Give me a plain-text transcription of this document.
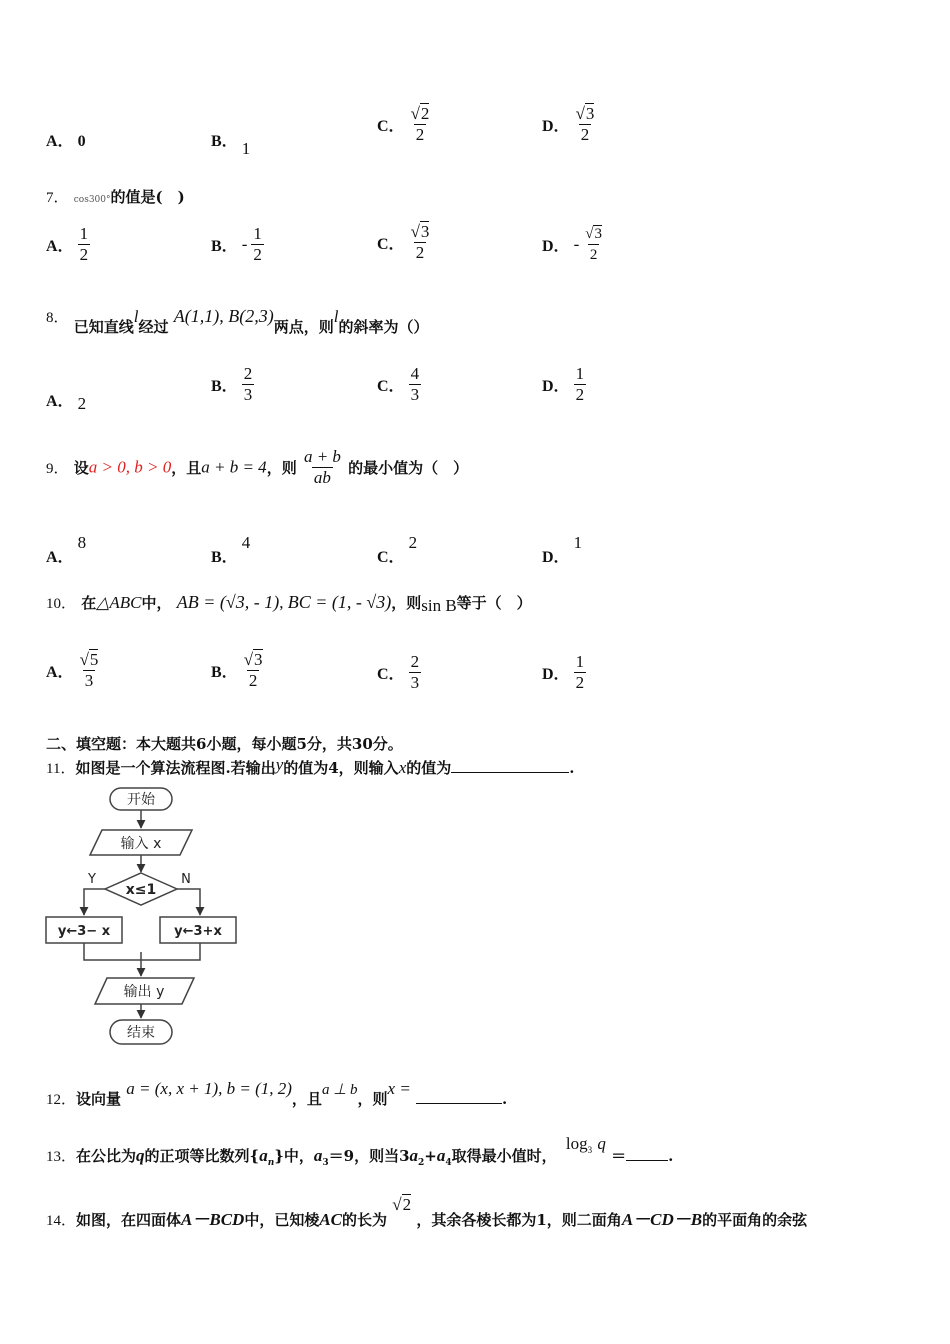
A． 0	B． 1
C． $\frac{√2}{2}$	D． $\frac{√3}{2}$
7． cos300°的值是(　)
A． $\frac{1}{2}$	B． - $\frac{1}{2}$	C． $\frac{√3}{2}$	D． - $\frac{√3}{2}$
8． 已知直线l经过 A(1,1), B(2,3)两点，则l的斜率为（）
A． 2
B． $\frac{2}{3}$	C． $\frac{4}{3}$	D． $\frac{1}{2}$
9． 设a > 0, b > 0，且a + b = 4，则 $\frac{a + b}{ab}$ 的最小值为（　）
A． 8
B． 4
C． 2
D． 1
10． 在△ABC中， AB = (√3, - 1), BC = (1, - √3)，则sin B等于（　）
A． $\frac{√5}{3}$	B． $\frac{√3}{2}$	C． $\frac{2}{3}$	D． $\frac{1}{2}$
二、填空题：本大题共6小题，每小题5分，共30分。
11．如图是一个算法流程图.若输出y的值为4，则输入x的值为	.
开始
输入 x
x≤1
Y	N
y←3− x	y←3+x
输出 y
结束
12．设向量 a = (x, x + 1), b = (1, 2)，且a ⊥ b，则x = .
13．在公比为q的正项等比数列$\{a_n\}$中，$a_3=9$，则当$3a_2+a_4$取得最小值时， $\log_3 q$ ＝	.
14．如图，在四面体A－BCD中，已知棱AC的长为 √2 ，其余各棱长都为1，则二面角A－CD－B的平面角的余弦
